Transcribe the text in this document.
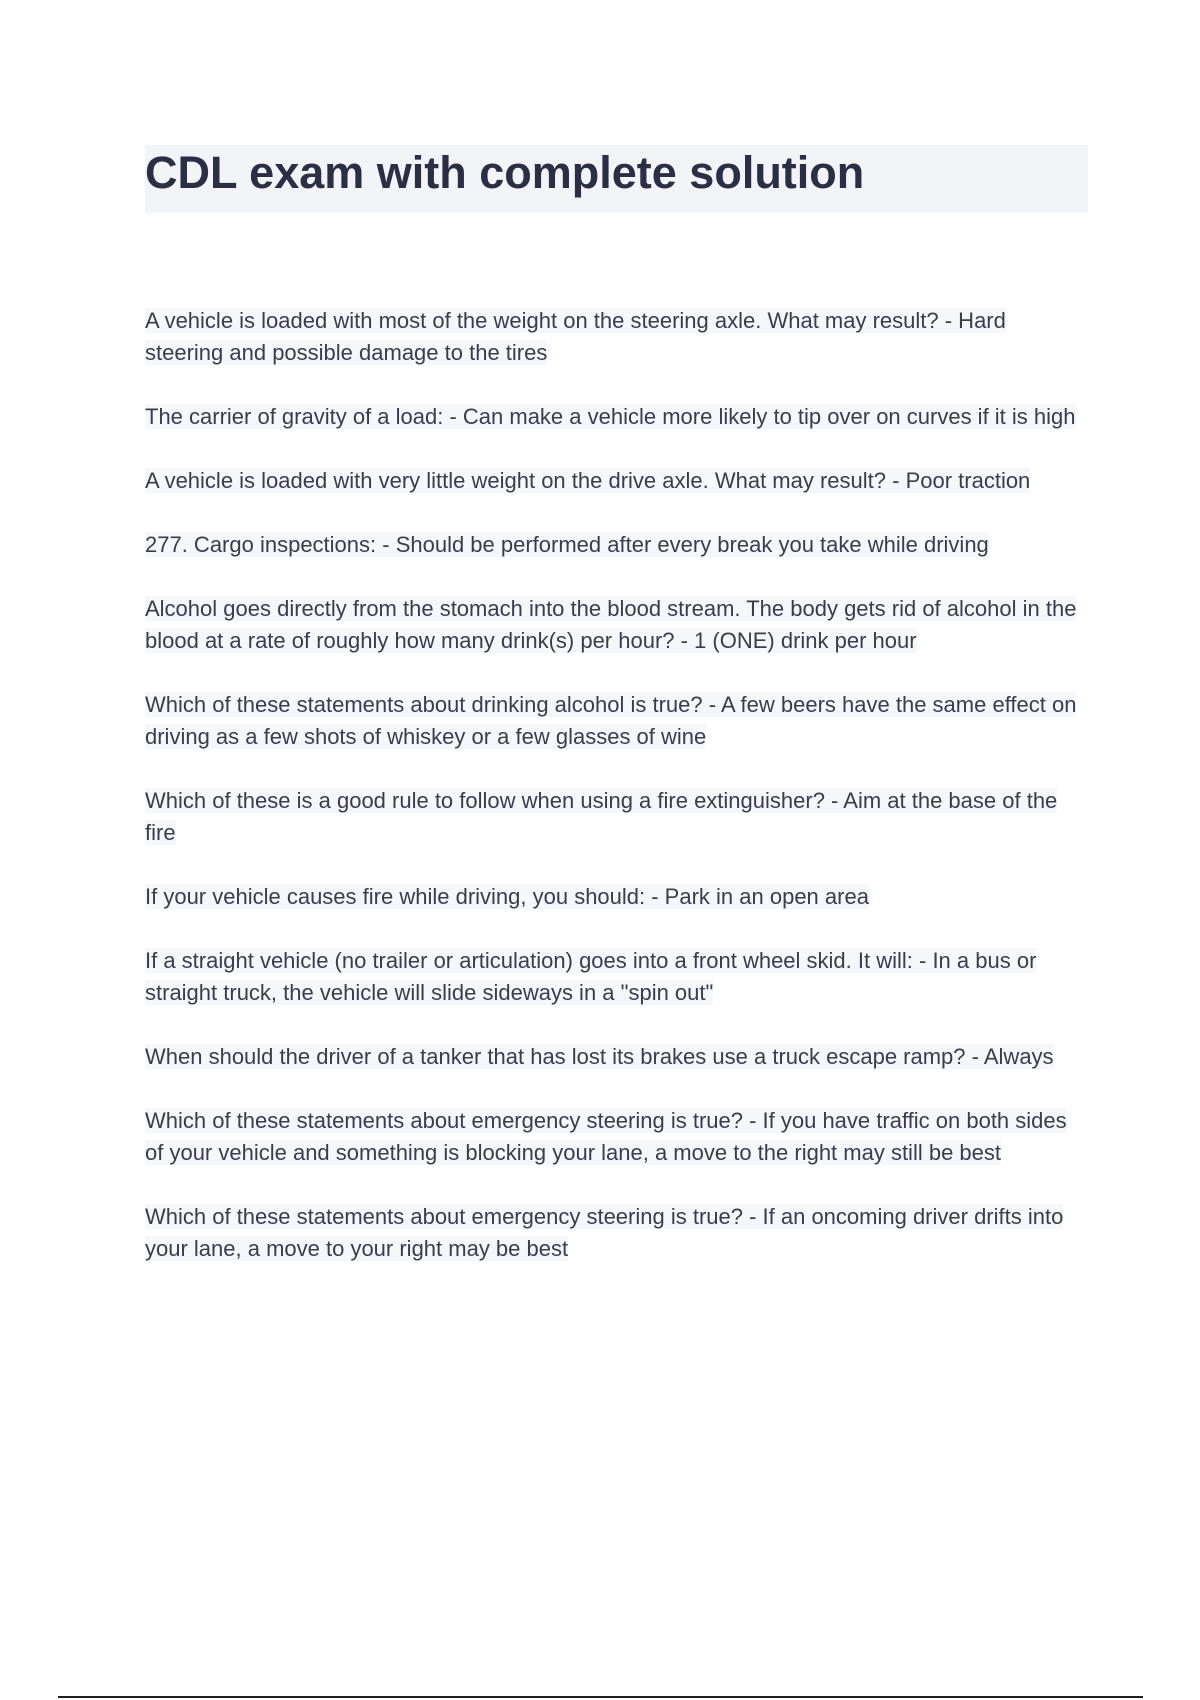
CDL exam with complete solution

A vehicle is loaded with most of the weight on the steering axle. What may result? - Hard steering and possible damage to the tires

The carrier of gravity of a load: - Can make a vehicle more likely to tip over on curves if it is high

A vehicle is loaded with very little weight on the drive axle. What may result? - Poor traction

277. Cargo inspections: - Should be performed after every break you take while driving

Alcohol goes directly from the stomach into the blood stream. The body gets rid of alcohol in the blood at a rate of roughly how many drink(s) per hour? - 1 (ONE) drink per hour

Which of these statements about drinking alcohol is true? - A few beers have the same effect on driving as a few shots of whiskey or a few glasses of wine

Which of these is a good rule to follow when using a fire extinguisher? - Aim at the base of the fire

If your vehicle causes fire while driving, you should: - Park in an open area

If a straight vehicle (no trailer or articulation) goes into a front wheel skid. It will: - In a bus or straight truck, the vehicle will slide sideways in a "spin out"

When should the driver of a tanker that has lost its brakes use a truck escape ramp? - Always

Which of these statements about emergency steering is true? - If you have traffic on both sides of your vehicle and something is blocking your lane, a move to the right may still be best

Which of these statements about emergency steering is true? - If an oncoming driver drifts into your lane, a move to your right may be best
